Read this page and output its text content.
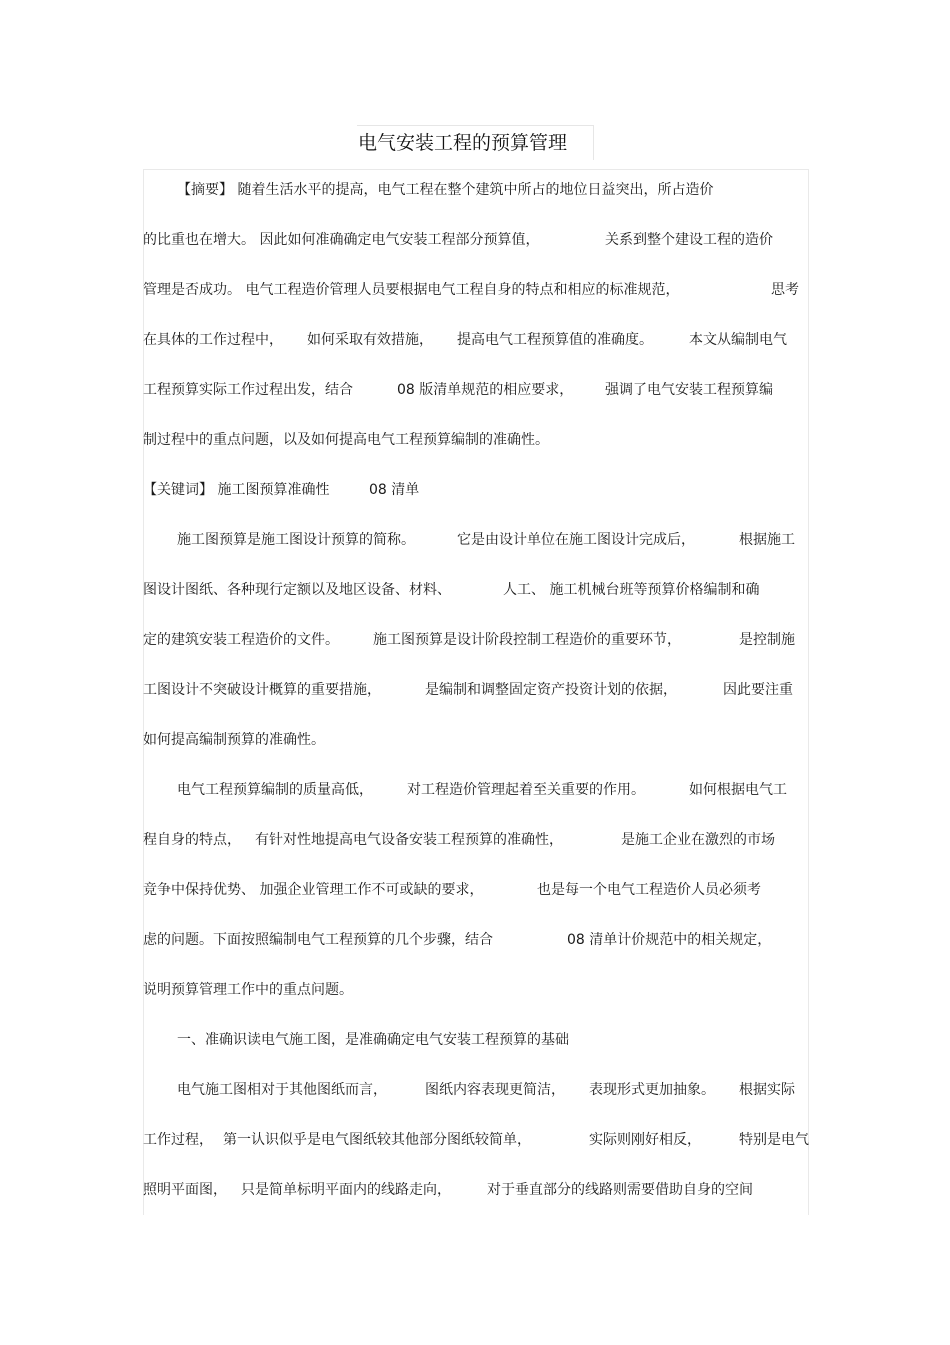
电气安装工程的预算管理
【摘要】 随着生活水平的提高，电气工程在整个建筑中所占的地位日益突出，所占造价
的比重也在增大。 因此如何准确确定电气安装工程部分预算值，	关系到整个建设工程的造价
管理是否成功。 电气工程造价管理人员要根据电气工程自身的特点和相应的标准规范，	思考
在具体的工作过程中， 如何采取有效措施， 提高电气工程预算值的准确度。	本文从编制电气
工程预算实际工作过程出发，结合	08 版清单规范的相应要求， 强调了电气安装工程预算编
制过程中的重点问题，以及如何提高电气工程预算编制的准确性。
【关键词】 施工图预算准确性	08 清单
施工图预算是施工图设计预算的简称。	它是由设计单位在施工图设计完成后，	根据施工
图设计图纸、各种现行定额以及地区设备、材料、	人工、 施工机械台班等预算价格编制和确
定的建筑安装工程造价的文件。 施工图预算是设计阶段控制工程造价的重要环节，	是控制施
工图设计不突破设计概算的重要措施，	是编制和调整固定资产投资计划的依据，	因此要注重
如何提高编制预算的准确性。
电气工程预算编制的质量高低， 对工程造价管理起着至关重要的作用。	如何根据电气工
程自身的特点， 有针对性地提高电气设备安装工程预算的准确性，	是施工企业在激烈的市场
竞争中保持优势、 加强企业管理工作不可或缺的要求，	也是每一个电气工程造价人员必须考
虑的问题。下面按照编制电气工程预算的几个步骤，结合	08 清单计价规范中的相关规定，
说明预算管理工作中的重点问题。
一、准确识读电气施工图，是准确确定电气安装工程预算的基础
电气施工图相对于其他图纸而言，	图纸内容表现更简洁， 表现形式更加抽象。 根据实际
工作过程， 第一认识似乎是电气图纸较其他部分图纸较简单，	实际则刚好相反，	特别是电气
照明平面图， 只是简单标明平面内的线路走向，	对于垂直部分的线路则需要借助自身的空间
